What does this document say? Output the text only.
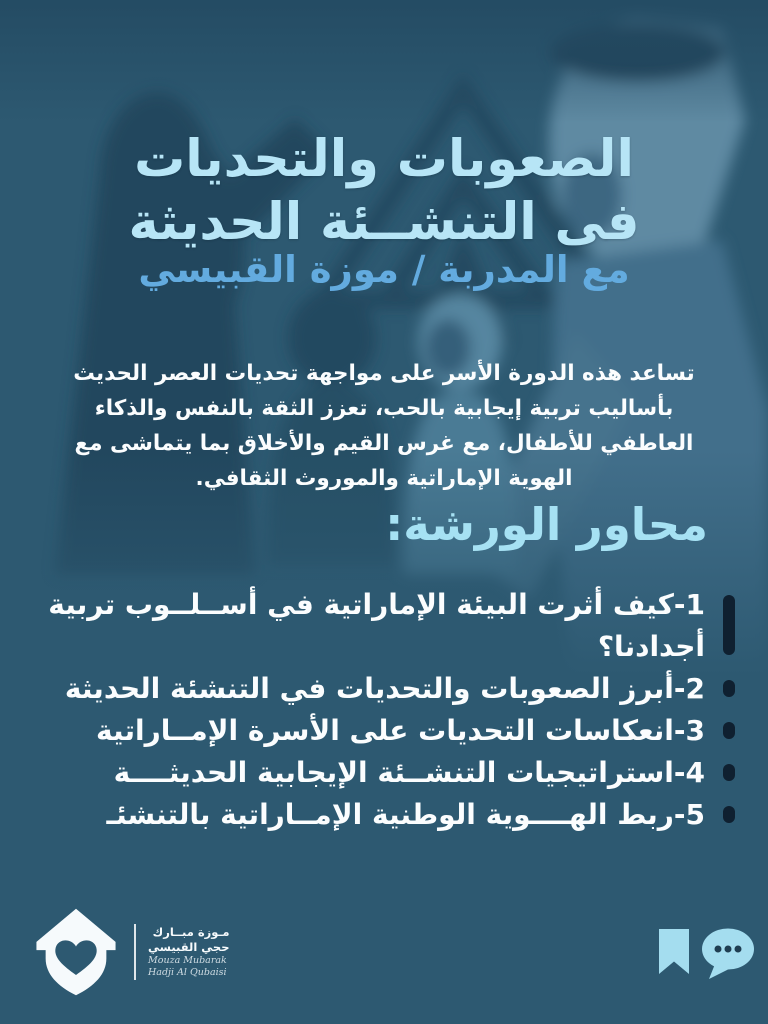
الصعوبات والتحديات
فى التنشــئة الحديثة
مع المدربة / موزة القبيسي

تساعد هذه الدورة الأسر على مواجهة تحديات العصر الحديث بأساليب تربية إيجابية بالحب، تعزز الثقة بالنفس والذكاء العاطفي للأطفال، مع غرس القيم والأخلاق بما يتماشى مع الهوية الإماراتية والموروث الثقافي.

محاور الورشة:
1-كيف أثرت البيئة الإماراتية في أســلــوب تربية أجدادنا؟
2-أبرز الصعوبات والتحديات في التنشئة الحديثة
3-انعكاسات التحديات على الأسرة الإمــاراتية
4-استراتيجيات التنشــئة الإيجابية الحديثــــة
5-ربط الهــــوية الوطنية الإمــاراتية بالتنشئـ
مـوزة مبــارك
حجي القبيسي
Mouza Mubarak
Hadji Al Qubaisi
